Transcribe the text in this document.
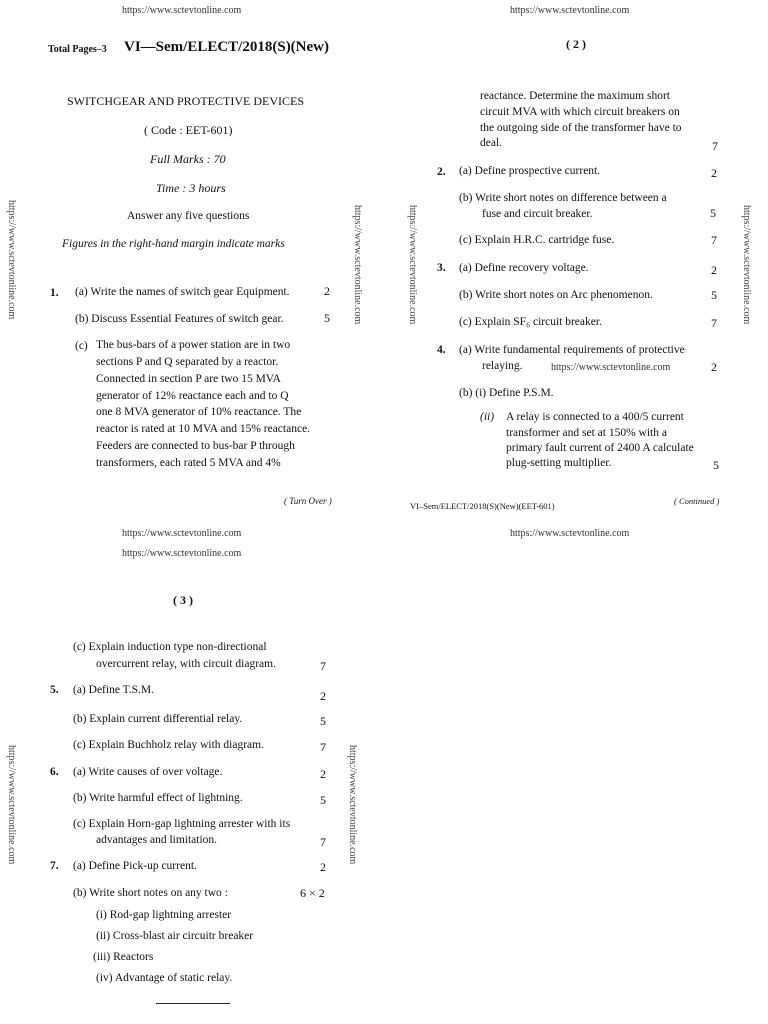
https://www.sctevtonline.com	https://www.sctevtonline.com
Total Pages–3 VI—Sem/ELECT/2018(S)(New)
SWITCHGEAR AND PROTECTIVE DEVICES
( Code : EET-601)
Full Marks : 70
Time : 3 hours
Answer any five questions
Figures in the right-hand margin indicate marks
1. (a) Write the names of switch gear Equipment.	2
(b) Discuss Essential Features of switch gear.	5
(c) The bus-bars of a power station are in two
sections P and Q separated by a reactor.
Connected in section P are two 15 MVA
generator of 12% reactance each and to Q
one 8 MVA generator of 10% reactance. The
reactor is rated at 10 MVA and 15% reactance.
Feeders are connected to bus-bar P through
transformers, each rated 5 MVA and 4%
( Turn Over )
https://www.sctevtonline.com	https://www.sctevtonline.com
( 2 )
reactance. Determine the maximum short
circuit MVA with which circuit breakers on
the outgoing side of the transformer have to
deal.	7
2. (a) Define prospective current.	2
(b) Write short notes on difference between a
fuse and circuit breaker.	5
(c) Explain H.R.C. cartridge fuse.	7
3. (a) Define recovery voltage.	2
(b) Write short notes on Arc phenomenon.	5
(c) Explain SF₆ circuit breaker.	7
4. (a) Write fundamental requirements of protective
relaying.	https://www.sctevtonline.com	2
(b) (i) Define P.S.M.
(ii) A relay is connected to a 400/5 current
transformer and set at 150% with a
primary fault current of 2400 A calculate
plug-setting multiplier.	5
VI–Sem/ELECT/2018(S)(New)(EET-601)	( Continued )
https://www.sctevtonline.com	https://www.sctevtonline.com
https://www.sctevtonline.com	https://www.sctevtonline.com
https://www.sctevtonline.com
( 3 )
(c) Explain induction type non-directional
overcurrent relay, with circuit diagram.	7
5. (a) Define T.S.M.	2
(b) Explain current differential relay.	5
(c) Explain Buchholz relay with diagram.	7
6. (a) Write causes of over voltage.	2
(b) Write harmful effect of lightning.	5
(c) Explain Horn-gap lightning arrester with its
advantages and limitation.	7
7. (a) Define Pick-up current.	2
(b) Write short notes on any two :	6 × 2
(i) Rod-gap lightning arrester
(ii) Cross-blast air circuitr breaker
(iii) Reactors
(iv) Advantage of static relay.
https://www.sctevtonline.com	https://www.sctevtonline.com
